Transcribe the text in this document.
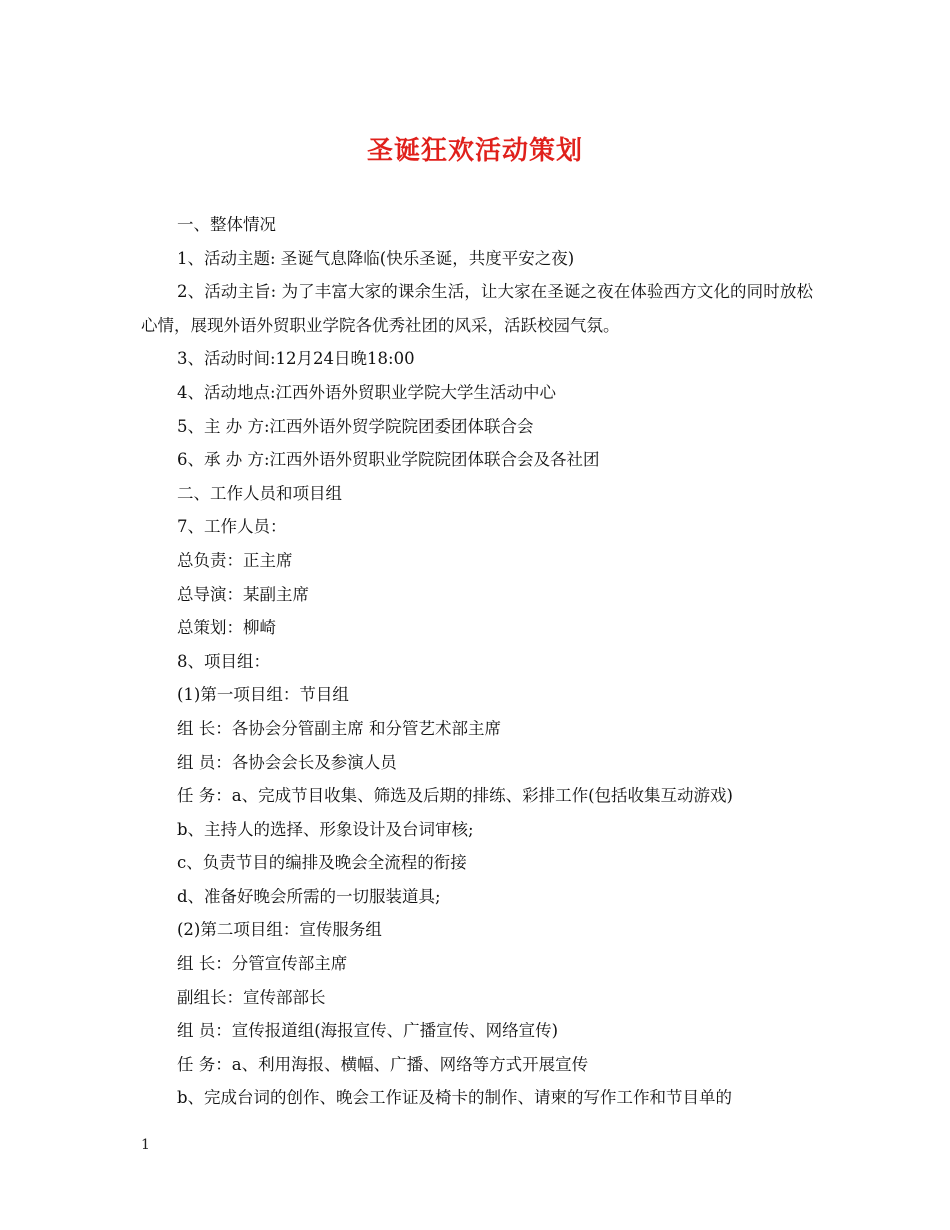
圣诞狂欢活动策划
一、整体情况
1、活动主题: 圣诞气息降临(快乐圣诞，共度平安之夜)
2、活动主旨: 为了丰富大家的课余生活，让大家在圣诞之夜在体验西方文化的同时放松心情，展现外语外贸职业学院各优秀社团的风采，活跃校园气氛。
3、活动时间:12月24日晚18:00
4、活动地点:江西外语外贸职业学院大学生活动中心
5、主 办 方:江西外语外贸学院院团委团体联合会
6、承 办 方:江西外语外贸职业学院院团体联合会及各社团
二、工作人员和项目组
7、工作人员：
总负责：正主席
总导演：某副主席
总策划：柳崎
8、项目组：
(1)第一项目组：节目组
组 长：各协会分管副主席 和分管艺术部主席
组 员：各协会会长及参演人员
任 务：a、完成节目收集、筛选及后期的排练、彩排工作(包括收集互动游戏)
b、主持人的选择、形象设计及台词审核;
c、负责节目的编排及晚会全流程的衔接
d、准备好晚会所需的一切服装道具;
(2)第二项目组：宣传服务组
组 长：分管宣传部主席
副组长：宣传部部长
组 员：宣传报道组(海报宣传、广播宣传、网络宣传)
任 务：a、利用海报、横幅、广播、网络等方式开展宣传
b、完成台词的创作、晚会工作证及椅卡的制作、请柬的写作工作和节目单的
1
